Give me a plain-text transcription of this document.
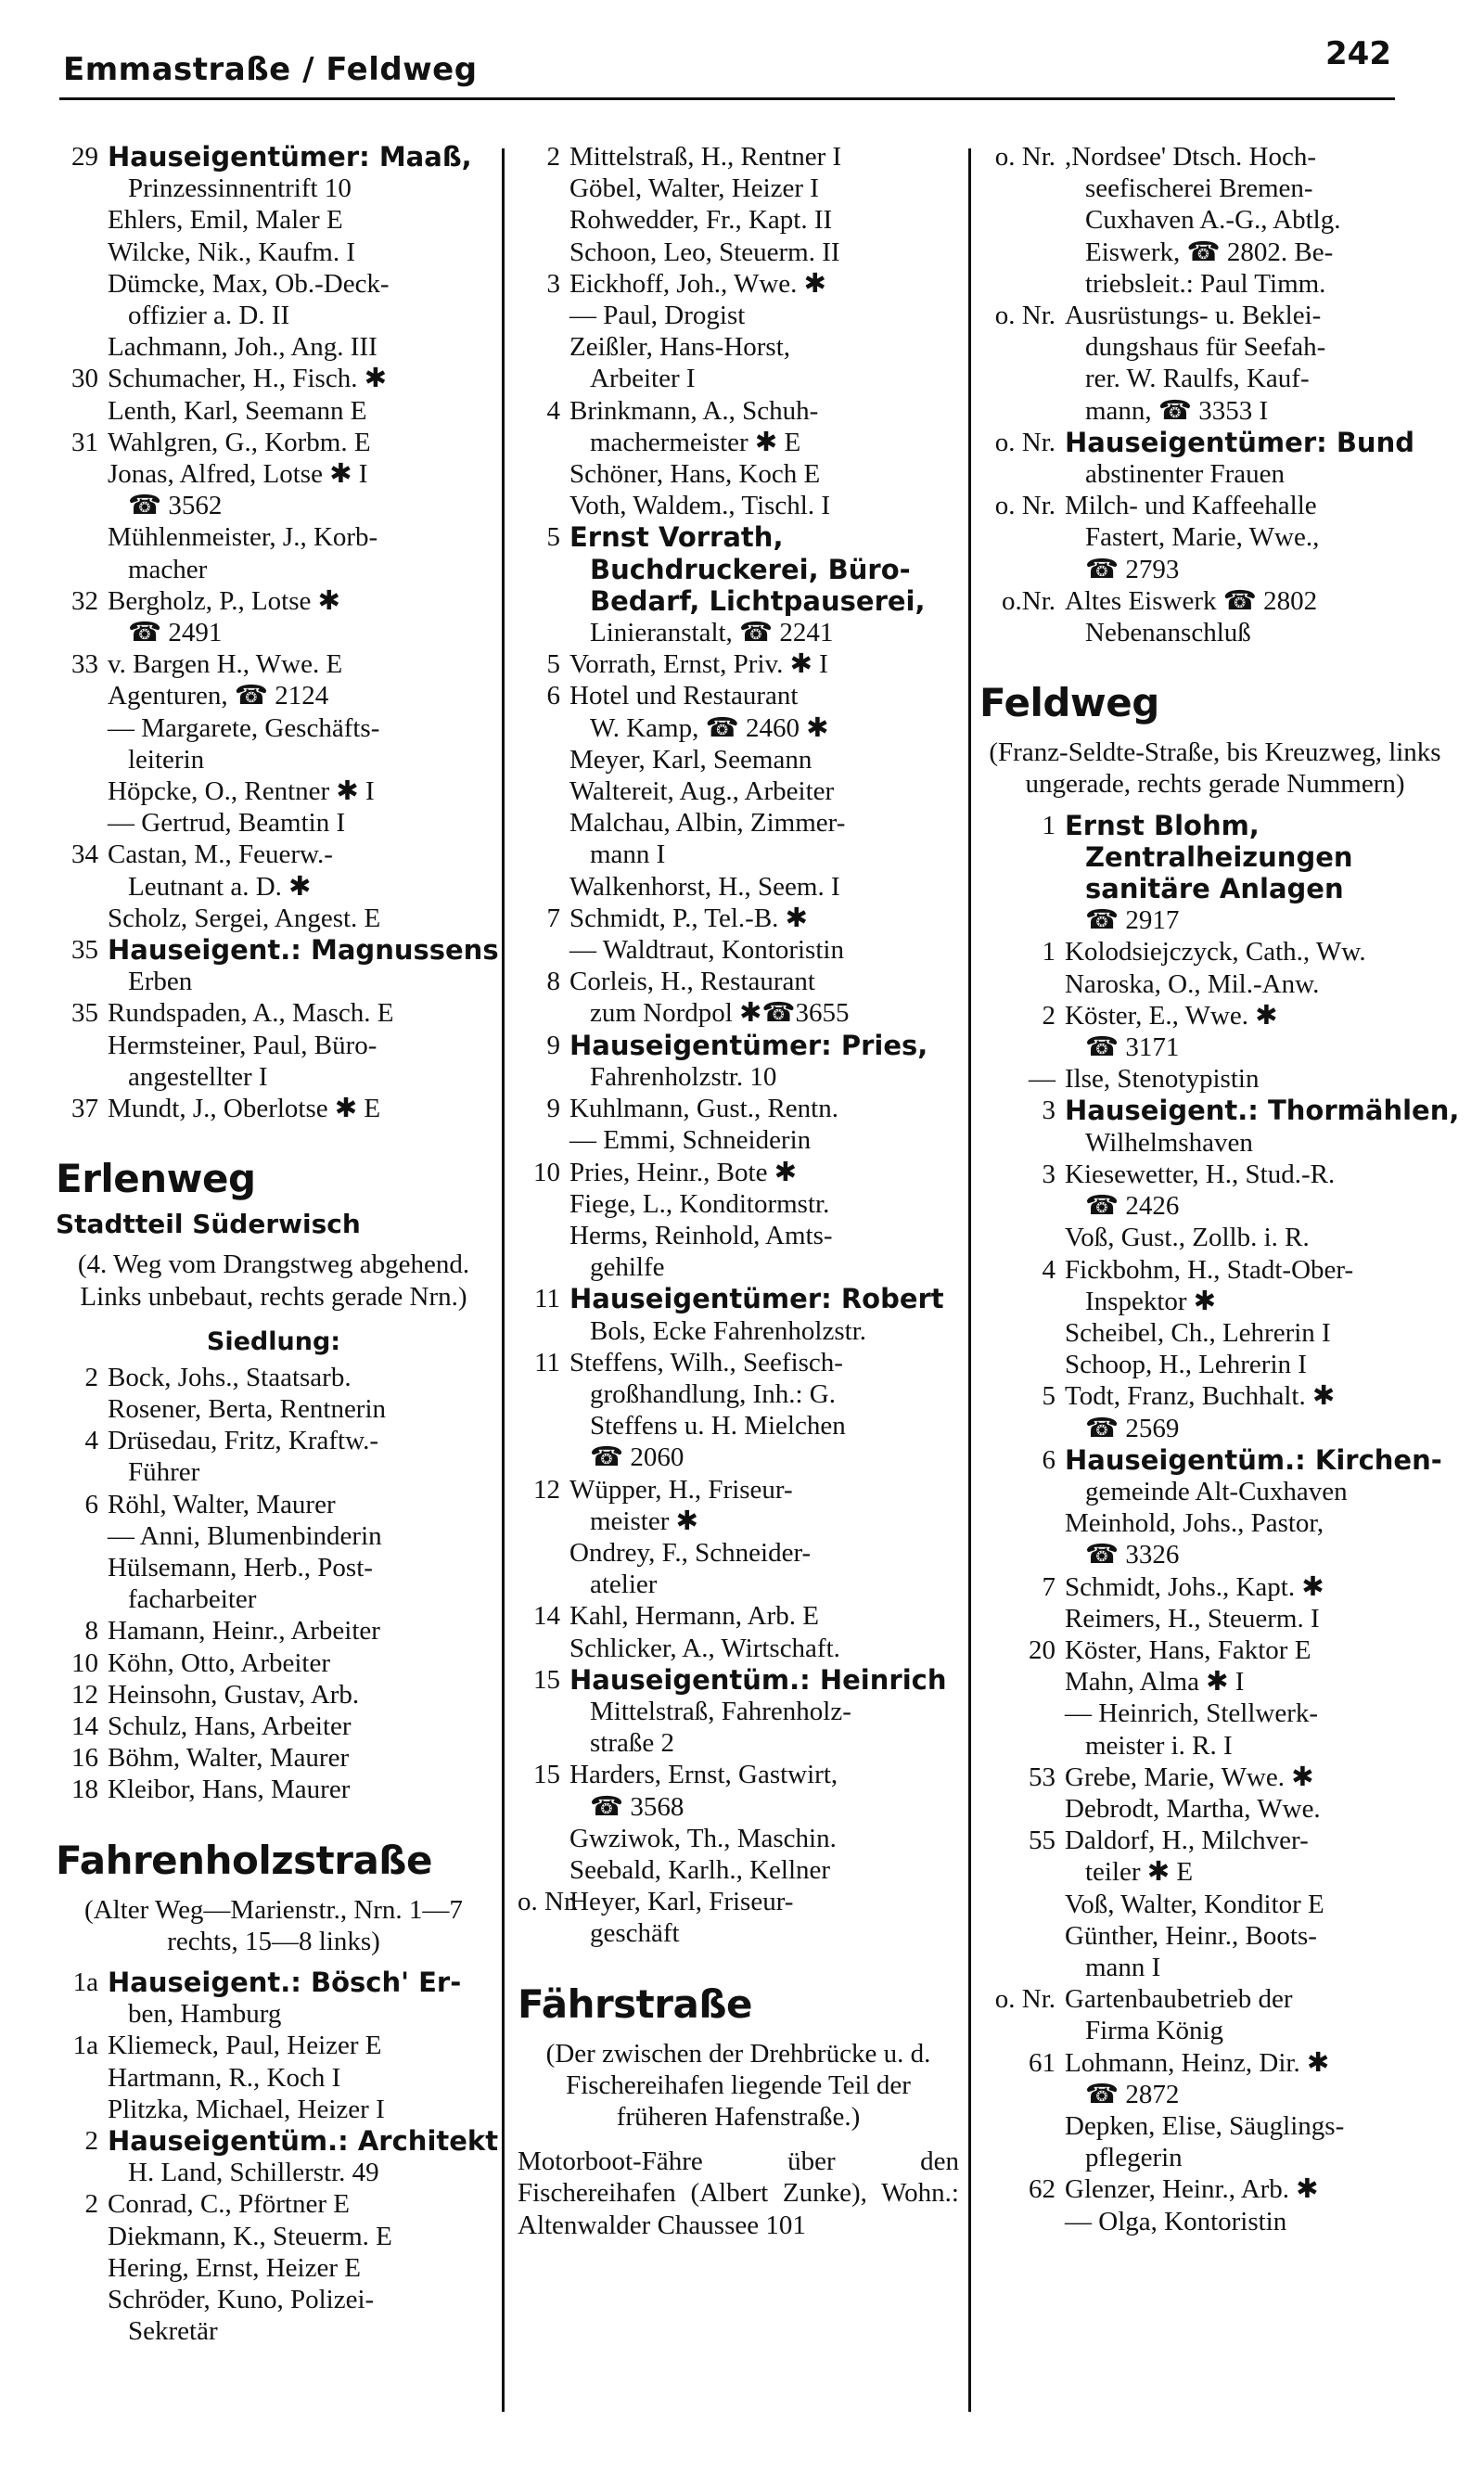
Emmastraße / Feldweg	242
29 Hauseigentümer: Maaß,
Prinzessinnentrift 10
Ehlers, Emil, Maler E
Wilcke, Nik., Kaufm. I
Dümcke, Max, Ob.-Deck-
offizier a. D. II
Lachmann, Joh., Ang. III
30 Schumacher, H., Fisch. ✱
Lenth, Karl, Seemann E
31 Wahlgren, G., Korbm. E
Jonas, Alfred, Lotse ✱ I
☎ 3562
Mühlenmeister, J., Korb-
macher
32 Bergholz, P., Lotse ✱
☎ 2491
33 v. Bargen H., Wwe. E
Agenturen, ☎ 2124
— Margarete, Geschäfts-
leiterin
Höpcke, O., Rentner ✱ I
— Gertrud, Beamtin I
34 Castan, M., Feuerw.-
Leutnant a. D. ✱
Scholz, Sergei, Angest. E
35 Hauseigent.: Magnussens
Erben
35 Rundspaden, A., Masch. E
Hermsteiner, Paul, Büro-
angestellter I
37 Mundt, J., Oberlotse ✱ E
Erlenweg
Stadtteil Süderwisch
(4. Weg vom Drangstweg abgehend. Links unbebaut, rechts gerade Nrn.)
Siedlung:
2 Bock, Johs., Staatsarb.
Rosener, Berta, Rentnerin
4 Drüsedau, Fritz, Kraftw.-
Führer
6 Röhl, Walter, Maurer
— Anni, Blumenbinderin
Hülsemann, Herb., Post-
facharbeiter
8 Hamann, Heinr., Arbeiter
10 Köhn, Otto, Arbeiter
12 Heinsohn, Gustav, Arb.
14 Schulz, Hans, Arbeiter
16 Böhm, Walter, Maurer
18 Kleibor, Hans, Maurer
Fahrenholzstraße
(Alter Weg—Marienstr., Nrn. 1—7 rechts, 15—8 links)
1a Hauseigent.: Bösch' Er-
ben, Hamburg
1a Kliemeck, Paul, Heizer E
Hartmann, R., Koch I
Plitzka, Michael, Heizer I
2 Hauseigentüm.: Architekt
H. Land, Schillerstr. 49
2 Conrad, C., Pförtner E
Diekmann, K., Steuerm. E
Hering, Ernst, Heizer E
Schröder, Kuno, Polizei-
Sekretär
2 Mittelstraß, H., Rentner I
Göbel, Walter, Heizer I
Rohwedder, Fr., Kapt. II
Schoon, Leo, Steuerm. II
3 Eickhoff, Joh., Wwe. ✱
— Paul, Drogist
Zeißler, Hans-Horst,
Arbeiter I
4 Brinkmann, A., Schuh-
machermeister ✱ E
Schöner, Hans, Koch E
Voth, Waldem., Tischl. I
5 Ernst Vorrath,
Buchdruckerei, Büro-
Bedarf, Lichtpauserei,
Linieranstalt, ☎ 2241
5 Vorrath, Ernst, Priv. ✱ I
6 Hotel und Restaurant
W. Kamp, ☎ 2460 ✱
Meyer, Karl, Seemann
Waltereit, Aug., Arbeiter
Malchau, Albin, Zimmer-
mann I
Walkenhorst, H., Seem. I
7 Schmidt, P., Tel.-B. ✱
— Waldtraut, Kontoristin
8 Corleis, H., Restaurant
zum Nordpol ✱☎3655
9 Hauseigentümer: Pries,
Fahrenholzstr. 10
9 Kuhlmann, Gust., Rentn.
— Emmi, Schneiderin
10 Pries, Heinr., Bote ✱
Fiege, L., Konditormstr.
Herms, Reinhold, Amts-
gehilfe
11 Hauseigentümer: Robert
Bols, Ecke Fahrenholzstr.
11 Steffens, Wilh., Seefisch-
großhandlung, Inh.: G.
Steffens u. H. Mielchen
☎ 2060
12 Wüpper, H., Friseur-
meister ✱
Ondrey, F., Schneider-
atelier
14 Kahl, Hermann, Arb. E
Schlicker, A., Wirtschaft.
15 Hauseigentüm.: Heinrich
Mittelstraß, Fahrenholz-
straße 2
15 Harders, Ernst, Gastwirt,
☎ 3568
Gwziwok, Th., Maschin.
Seebald, Karlh., Kellner
o. Nr.
Heyer, Karl, Friseur-
geschäft
Fährstraße
(Der zwischen der Drehbrücke u. d. Fischereihafen liegende Teil der früheren Hafenstraße.)
Motorboot-Fähre über den Fischereihafen (Albert Zunke), Wohn.: Altenwalder Chaussee 101
o. Nr. ,Nordsee' Dtsch. Hoch-
seefischerei Bremen-
Cuxhaven A.-G., Abtlg.
Eiswerk, ☎ 2802. Be-
triebsleit.: Paul Timm.
o. Nr. Ausrüstungs- u. Beklei-
dungshaus für Seefah-
rer. W. Raulfs, Kauf-
mann, ☎ 3353 I
o. Nr. Hauseigentümer: Bund
abstinenter Frauen
o. Nr. Milch- und Kaffeehalle
Fastert, Marie, Wwe.,
☎ 2793
o.Nr. Altes Eiswerk ☎ 2802
Nebenanschluß
Feldweg
(Franz-Seldte-Straße, bis Kreuzweg, links ungerade, rechts gerade Nummern)
1 Ernst Blohm,
Zentralheizungen
sanitäre Anlagen
☎ 2917
1 Kolodsiejczyck, Cath., Ww.
Naroska, O., Mil.-Anw.
2 Köster, E., Wwe. ✱
☎ 3171
— Ilse, Stenotypistin
3 Hauseigent.: Thormählen,
Wilhelmshaven
3 Kiesewetter, H., Stud.-R.
☎ 2426
Voß, Gust., Zollb. i. R.
4 Fickbohm, H., Stadt-Ober-
Inspektor ✱
Scheibel, Ch., Lehrerin I
Schoop, H., Lehrerin I
5 Todt, Franz, Buchhalt. ✱
☎ 2569
6 Hauseigentüm.: Kirchen-
gemeinde Alt-Cuxhaven
Meinhold, Johs., Pastor,
☎ 3326
7 Schmidt, Johs., Kapt. ✱
Reimers, H., Steuerm. I
20 Köster, Hans, Faktor E
Mahn, Alma ✱ I
— Heinrich, Stellwerk-
meister i. R. I
53 Grebe, Marie, Wwe. ✱
Debrodt, Martha, Wwe.
55 Daldorf, H., Milchver-
teiler ✱ E
Voß, Walter, Konditor E
Günther, Heinr., Boots-
mann I
o. Nr. Gartenbaubetrieb der
Firma König
61 Lohmann, Heinz, Dir. ✱
☎ 2872
Depken, Elise, Säuglings-
pflegerin
62 Glenzer, Heinr., Arb. ✱
— Olga, Kontoristin
